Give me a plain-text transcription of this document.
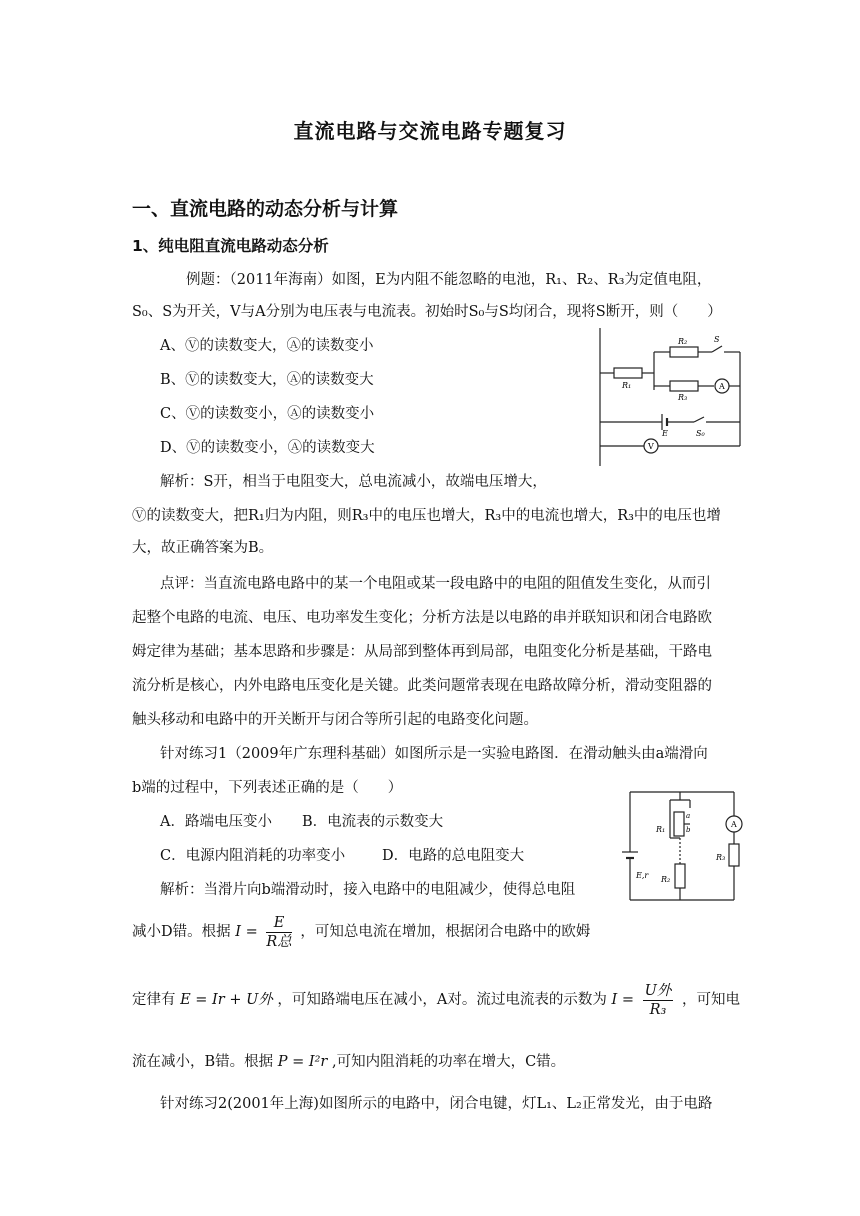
直流电路与交流电路专题复习
一、直流电路的动态分析与计算
1、纯电阻直流电路动态分析
例题：（2011年海南）如图，E为内阻不能忽略的电池，R₁、R₂、R₃为定值电阻，
S₀、S为开关，V与A分别为电压表与电流表。初始时S₀与S均闭合，现将S断开，则（　　）
A、Ⓥ的读数变大，Ⓐ的读数变小
B、Ⓥ的读数变大，Ⓐ的读数变大
C、Ⓥ的读数变小，Ⓐ的读数变小
D、Ⓥ的读数变小，Ⓐ的读数变大
解析：S开，相当于电阻变大，总电流减小，故端电压增大，
Ⓥ的读数变大，把R₁归为内阻，则R₃中的电压也增大，R₃中的电流也增大，R₃中的电压也增
大，故正确答案为B。
R₁
R₂	S
R₃
A
E	S₀
V
点评：当直流电路电路中的某一个电阻或某一段电路中的电阻的阻值发生变化，从而引
起整个电路的电流、电压、电功率发生变化；分析方法是以电路的串并联知识和闭合电路欧
姆定律为基础；基本思路和步骤是：从局部到整体再到局部，电阻变化分析是基础，干路电
流分析是核心，内外电路电压变化是关键。此类问题常表现在电路故障分析，滑动变阻器的
触头移动和电路中的开关断开与闭合等所引起的电路变化问题。
针对练习1（2009年广东理科基础）如图所示是一实验电路图．在滑动触头由a端滑向
b端的过程中，下列表述正确的是（　　）
A．路端电压变小 B．电流表的示数变大
C．电源内阻消耗的功率变小	D．电路的总电阻变大
解析：当滑片向b端滑动时，接入电路中的电阻减少，使得总电阻
R₁
R₂
R₃
A
a
b
E,r
减小D错。根据 $I = \frac{E}{\text{R总}}$ ，可知总电流在增加，根据闭合电路中的欧姆
定律有 E = Ir + U外 ，可知路端电压在减小，A对。流过电流表的示数为 $I = \frac{\text{U外}}{\text{R₃}}$ ，可知电
流在减小，B错。根据 P = I²r ,可知内阻消耗的功率在增大，C错。
针对练习2(2001年上海)如图所示的电路中，闭合电键，灯L₁、L₂正常发光，由于电路
